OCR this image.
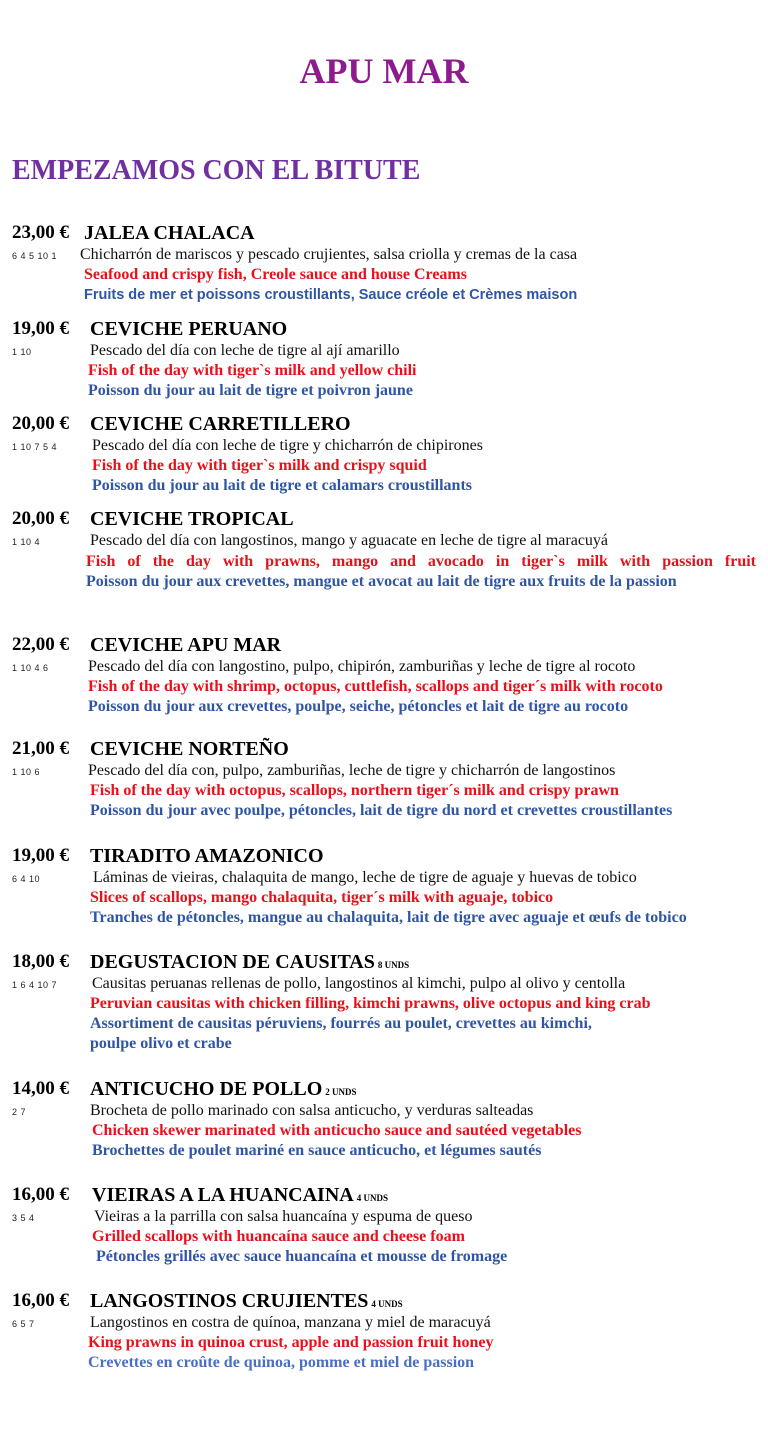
APU MAR
EMPEZAMOS CON EL BITUTE
23,00 € JALEA CHALACA
6 4 5 10 1 Chicharrón de mariscos y pescado crujientes, salsa criolla y cremas de la casa
Seafood and crispy fish, Creole sauce and house Creams
Fruits de mer et poissons croustillants, Sauce créole et Crèmes maison
19,00 € CEVICHE PERUANO
1 10	Pescado del día con leche de tigre al ají amarillo
Fish of the day with tiger`s milk and yellow chili
Poisson du jour au lait de tigre et poivron jaune
20,00 € CEVICHE CARRETILLERO
1 10 7 5 4 Pescado del día con leche de tigre y chicharrón de chipirones
Fish of the day with tiger`s milk and crispy squid
Poisson du jour au lait de tigre et calamars croustillants
20,00 € CEVICHE TROPICAL
1 10 4	Pescado del día con langostinos, mango y aguacate en leche de tigre al maracuyá
Fish of the day with prawns, mango and avocado in tiger`s milk with passion fruit
Poisson du jour aux crevettes, mangue et avocat au lait de tigre aux fruits de la passion
22,00 € CEVICHE APU MAR
1 10 4 6 Pescado del día con langostino, pulpo, chipirón, zamburiñas y leche de tigre al rocoto
Fish of the day with shrimp, octopus, cuttlefish, scallops and tiger´s milk with rocoto
Poisson du jour aux crevettes, poulpe, seiche, pétoncles et lait de tigre au rocoto
21,00 € CEVICHE NORTEÑO
1 10 6	Pescado del día con, pulpo, zamburiñas, leche de tigre y chicharrón de langostinos
Fish of the day with octopus, scallops, northern tiger´s milk and crispy prawn
Poisson du jour avec poulpe, pétoncles, lait de tigre du nord et crevettes croustillantes
19,00 € TIRADITO AMAZONICO
6 4 10	Láminas de vieiras, chalaquita de mango, leche de tigre de aguaje y huevas de tobico
Slices of scallops, mango chalaquita, tiger´s milk with aguaje, tobico
Tranches de pétoncles, mangue au chalaquita, lait de tigre avec aguaje et œufs de tobico
18,00 € DEGUSTACION DE CAUSITAS 8 UNDS
1 6 4 10 7 Causitas peruanas rellenas de pollo, langostinos al kimchi, pulpo al olivo y centolla
Peruvian causitas with chicken filling, kimchi prawns, olive octopus and king crab
Assortiment de causitas péruviens, fourrés au poulet, crevettes au kimchi,
poulpe olivo et crabe
14,00 € ANTICUCHO DE POLLO 2 UNDS
2 7	Brocheta de pollo marinado con salsa anticucho, y verduras salteadas
Chicken skewer marinated with anticucho sauce and sautéed vegetables
Brochettes de poulet mariné en sauce anticucho, et légumes sautés
16,00 € VIEIRAS A LA HUANCAINA 4 UNDS
3 5 4	Vieiras a la parrilla con salsa huancaína y espuma de queso
Grilled scallops with huancaína sauce and cheese foam
Pétoncles grillés avec sauce huancaína et mousse de fromage
16,00 € LANGOSTINOS CRUJIENTES 4 UNDS
6 5 7	Langostinos en costra de quínoa, manzana y miel de maracuyá
King prawns in quinoa crust, apple and passion fruit honey
Crevettes en croûte de quinoa, pomme et miel de passion
